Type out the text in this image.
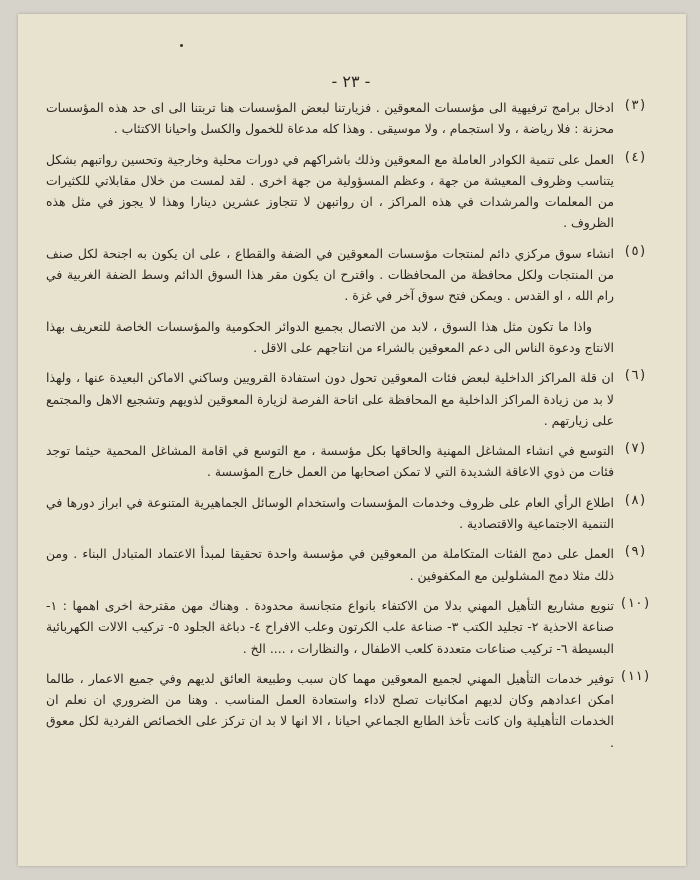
- ٢٣ -
(٣)
ادخال برامج ترفيهية الى مؤسسات المعوقين . فزيارتنا لبعض المؤسسات هنا تربتنا الى اى حد هذه المؤسسات محزنة : فلا رياضة ، ولا استجمام ، ولا موسيقى . وهذا كله مدعاة للخمول والكسل واحيانا الاكتئاب .
(٤)
العمل على تنمية الكوادر العاملة مع المعوقين وذلك باشراكهم في دورات محلية وخارجية وتحسين رواتبهم بشكل يتناسب وظروف المعيشة من جهة ، وعظم المسؤولية من جهة اخرى . لقد لمست من خلال مقابلاتي للكثيرات من المعلمات والمرشدات في هذه المراكز ، ان رواتبهن لا تتجاوز عشرين دينارا وهذا لا يجوز في مثل هذه الظروف .
(٥)
انشاء سوق مركزي دائم لمنتجات مؤسسات المعوقين في الضفة والقطاع ، على ان يكون به اجنحة لكل صنف من المنتجات ولكل محافظة من المحافظات . واقترح ان يكون مقر هذا السوق الدائم وسط الضفة الغربية في رام الله ، او القدس . ويمكن فتح سوق آخر في غزة .

واذا ما تكون مثل هذا السوق ، لابد من الاتصال بجميع الدوائر الحكومية والمؤسسات الخاصة للتعريف بهذا الانتاج ودعوة الناس الى دعم المعوقين بالشراء من انتاجهم على الاقل .

(٦)
ان قلة المراكز الداخلية لبعض فئات المعوقين تحول دون استفادة القرويين وساكني الاماكن البعيدة عنها ، ولهذا لا بد من زيادة المراكز الداخلية مع المحافظة على اتاحة الفرصة لزيارة المعوقين لذويهم وتشجيع الاهل والمجتمع على زيارتهم .
(٧)
التوسع في انشاء المشاغل المهنية والحاقها بكل مؤسسة ، مع التوسع في اقامة المشاغل المحمية حيثما توجد فئات من ذوي الاعاقة الشديدة التي لا تمكن اصحابها من العمل خارج المؤسسة .
(٨)
اطلاع الرأي العام على ظروف وخدمات المؤسسات واستخدام الوسائل الجماهيرية المتنوعة في ابراز دورها في التنمية الاجتماعية والاقتصادية .
(٩)
العمل على دمج الفئات المتكاملة من المعوقين في مؤسسة واحدة تحقيقا لمبدأ الاعتماد المتبادل البناء . ومن ذلك مثلا دمج المشلولين مع المكفوفين .
(١٠)
تنويع مشاريع التأهيل المهني بدلا من الاكتفاء بانواع متجانسة محدودة . وهناك مهن مقترحة اخرى اهمها : ١- صناعة الاحذية ٢- تجليد الكتب ٣- صناعة علب الكرتون وعلب الافراح ٤- دباغة الجلود ٥- تركيب الالات الكهربائية البسيطة ٦- تركيب صناعات متعددة كلعب الاطفال ، والنظارات ، .... الخ .
(١١)
توفير خدمات التأهيل المهني لجميع المعوقين مهما كان سبب وطبيعة العائق لديهم وفي جميع الاعمار ، طالما امكن اعدادهم وكان لديهم امكانيات تصلح لاداء واستعادة العمل المناسب . وهنا من الضروري ان نعلم ان الخدمات التأهيلية وان كانت تأخذ الطابع الجماعي احيانا ، الا انها لا بد ان تركز على الخصائص الفردية لكل معوق .
